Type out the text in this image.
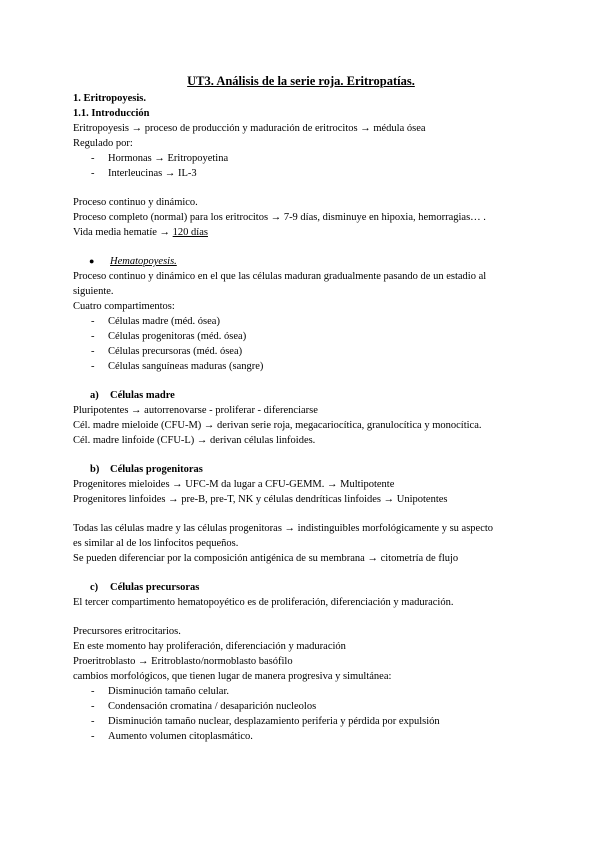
UT3. Análisis de la serie roja. Eritropatías.
1. Eritropoyesis.
1.1. Introducción
Eritropoyesis → proceso de producción y maduración de eritrocitos → médula ósea
Regulado por:
- Hormonas → Eritropoyetina
- Interleucinas → IL-3
Proceso continuo y dinámico.
Proceso completo (normal) para los eritrocitos → 7-9 días, disminuye en hipoxia, hemorragias… .
Vida media hematíe → 120 días
● Hematopoyesis.
Proceso continuo y dinámico en el que las células maduran gradualmente pasando de un estadio al
siguiente.
Cuatro compartimentos:
- Células madre (méd. ósea)
- Células progenitoras (méd. ósea)
- Células precursoras (méd. ósea)
- Células sanguíneas maduras (sangre)
a) Células madre
Pluripotentes → autorrenovarse - proliferar - diferenciarse
Cél. madre mieloide (CFU-M) → derivan serie roja, megacariocítica, granulocítica y monocítica.
Cél. madre linfoide (CFU-L) → derivan células linfoides.
b) Células progenitoras
Progenitores mieloides → UFC-M da lugar a CFU-GEMM. → Multipotente
Progenitores linfoides → pre-B, pre-T, NK y células dendríticas linfoides → Unipotentes
Todas las células madre y las células progenitoras → indistinguibles morfológicamente y su aspecto
es similar al de los linfocitos pequeños.
Se pueden diferenciar por la composición antigénica de su membrana → citometría de flujo
c) Células precursoras
El tercer compartimento hematopoyético es de proliferación, diferenciación y maduración.
Precursores eritrocitarios.
En este momento hay proliferación, diferenciación y maduración
Proeritroblasto → Eritroblasto/normoblasto basófilo
cambios morfológicos, que tienen lugar de manera progresiva y simultánea:
- Disminución tamaño celular.
- Condensación cromatina / desaparición nucleolos
- Disminución tamaño nuclear, desplazamiento periferia y pérdida por expulsión
- Aumento volumen citoplasmático.
